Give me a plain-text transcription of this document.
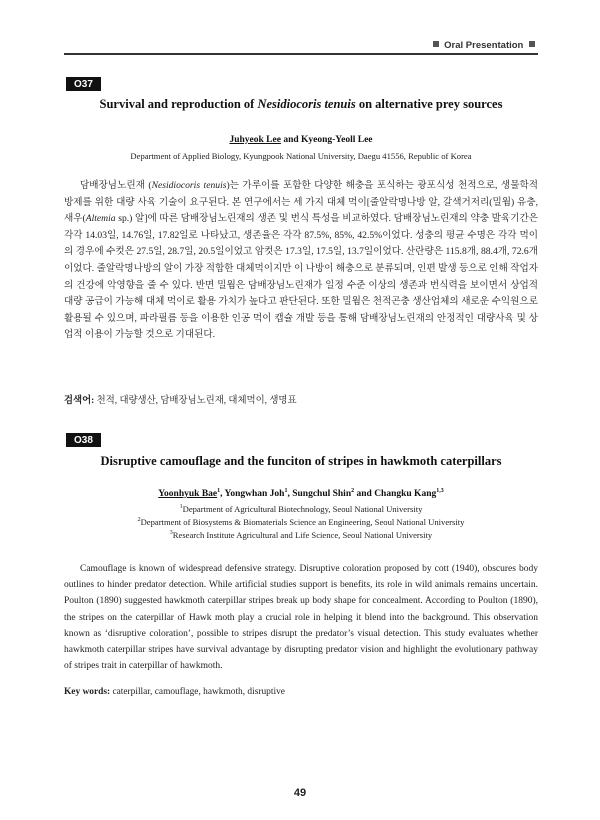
Oral Presentation
O37
Survival and reproduction of Nesidiocoris tenuis on alternative prey sources
Juhyeok Lee and Kyeong-Yeoll Lee
Department of Applied Biology, Kyungpook National University, Daegu 41556, Republic of Korea

담배장님노린재 (Nesidiocoris tenuis)는 가루이를 포함한 다양한 해충을 포식하는 광포식성 천적으로, 생물학적 방제를 위한 대량 사육 기술이 요구된다. 본 연구에서는 세 가지 대체 먹이[줄알락명나방 알, 갈색거저리(밀웜) 유충, 새우(Altemia sp.) 알]에 따른 담배장님노린재의 생존 및 번식 특성을 비교하였다. 담배장님노린재의 약충 발육기간은 각각 14.03일, 14.76일, 17.82일로 나타났고, 생존율은 각각 87.5%, 85%, 42.5%이었다. 성충의 평균 수명은 각각 먹이의 경우에 수컷은 27.5일, 28.7일, 20.5일이었고 암컷은 17.3일, 17.5일, 13.7일이었다. 산란량은 115.8개, 88.4개, 72.6개이었다. 줄알락명나방의 알이 가장 적합한 대체먹이지만 이 나방이 해충으로 분류되며, 인편 발생 등으로 인해 작업자의 건강에 악영향을 줄 수 있다. 반면 밀웜은 담배장님노린재가 일정 수준 이상의 생존과 번식력을 보이면서 상업적 대량 공급이 가능해 대체 먹이로 활용 가치가 높다고 판단된다. 또한 밀웜은 천적곤충 생산업체의 새로운 수익원으로 활용될 수 있으며, 파라필름 등을 이용한 인공 먹이 캡슐 개발 등을 통해 담배장님노린재의 안정적인 대량사육 및 상업적 이용이 가능할 것으로 기대된다.

검색어: 천적, 대량생산, 담배장님노린재, 대체먹이, 생명표
O38
Disruptive camouflage and the funciton of stripes in hawkmoth caterpillars
Yoonhyuk Bae$^1$, Yongwhan Joh$^1$, Sungchul Shin$^2$ and Changku Kang$^{1,3}$
$^1$Department of Agricultural Biotechnology, Seoul National University
$^2$Department of Biosystems & Biomaterials Science an Engineering, Seoul National University
$^3$Research Institute Agricultural and Life Science, Seoul National University

Camouflage is known of widespread defensive strategy. Disruptive coloration proposed by cott (1940), obscures body outlines to hinder predator detection. While artificial studies support is benefits, its role in wild animals remains uncertain. Poulton (1890) suggested hawkmoth caterpillar stripes break up body shape for concealment. According to Poulton (1890), the stripes on the caterpillar of Hawk moth play a crucial role in helping it blend into the background. This observation known as ‘disruptive coloration’, possible to stripes disrupt the predator’s visual detection. This study evaluates whether hawkmoth caterpillar stripes have survival advantage by disrupting predator vision and highlight the evolutionary pathway of stripes trait in caterpillar of hawkmoth.

Key words: caterpillar, camouflage, hawkmoth, disruptive
49
